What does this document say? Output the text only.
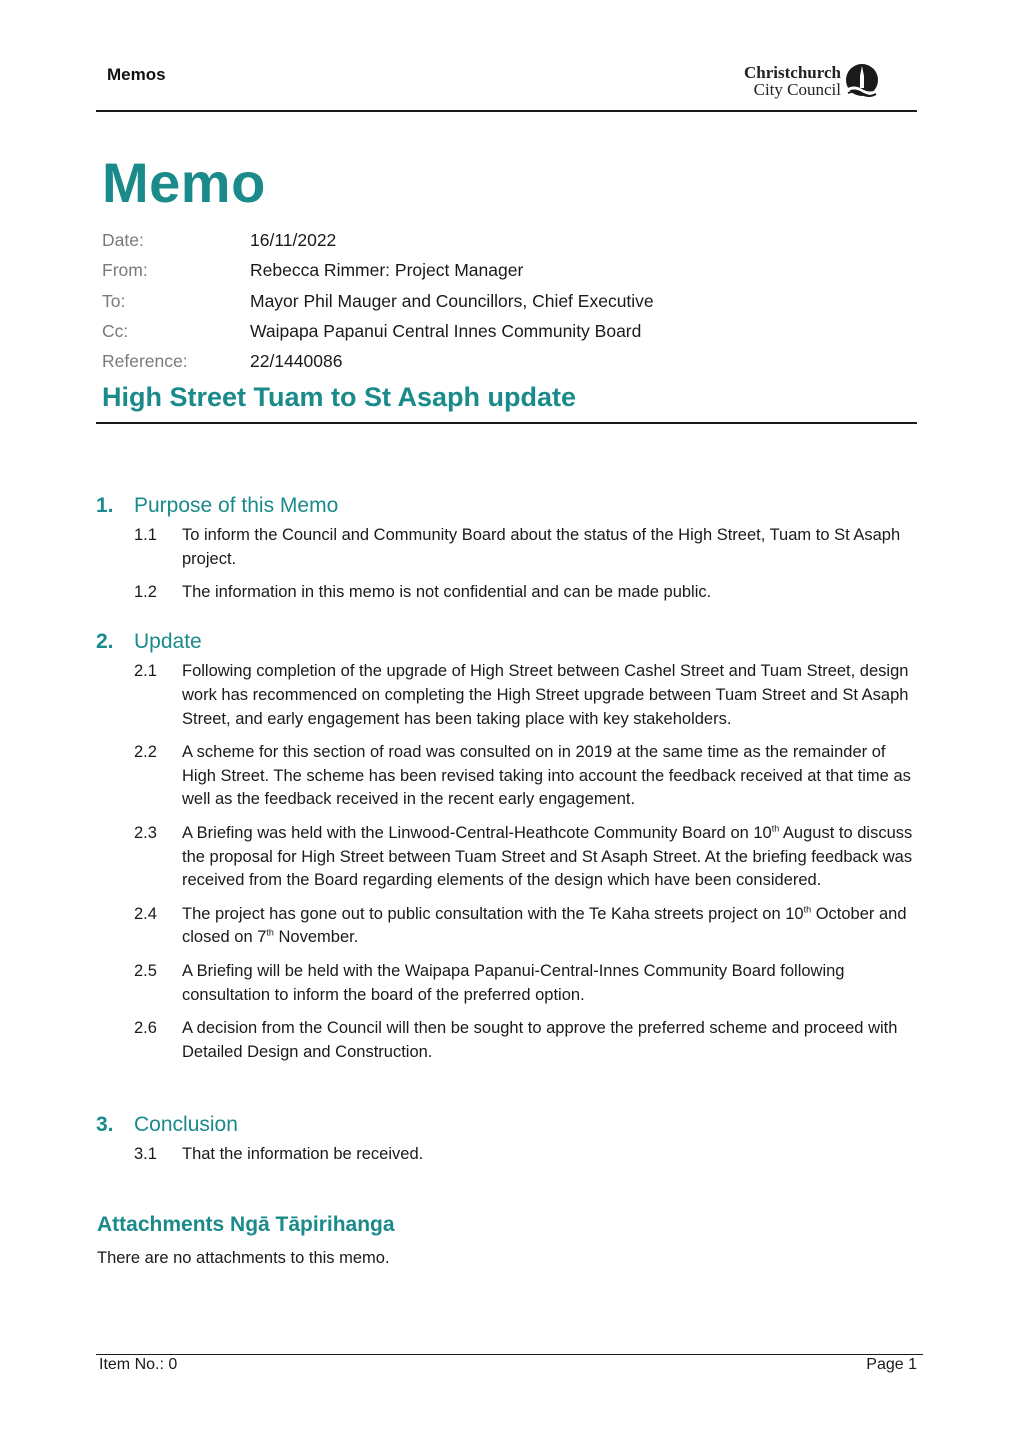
Memos	Christchurch
City Council
Memo
Date:	16/11/2022
From:	Rebecca Rimmer: Project Manager
To:	Mayor Phil Mauger and Councillors, Chief Executive
Cc:	Waipapa Papanui Central Innes Community Board
Reference:	22/1440086
High Street Tuam to St Asaph update
1. Purpose of this Memo
1.1 To inform the Council and Community Board about the status of the High Street, Tuam to St Asaph project.
1.2 The information in this memo is not confidential and can be made public.
2. Update
2.1 Following completion of the upgrade of High Street between Cashel Street and Tuam Street, design work has recommenced on completing the High Street upgrade between Tuam Street and St Asaph Street, and early engagement has been taking place with key stakeholders.
2.2 A scheme for this section of road was consulted on in 2019 at the same time as the remainder of High Street. The scheme has been revised taking into account the feedback received at that time as well as the feedback received in the recent early engagement.
2.3 A Briefing was held with the Linwood-Central-Heathcote Community Board on 10th August to discuss the proposal for High Street between Tuam Street and St Asaph Street. At the briefing feedback was received from the Board regarding elements of the design which have been considered.
2.4 The project has gone out to public consultation with the Te Kaha streets project on 10th October and closed on 7th November.
2.5 A Briefing will be held with the Waipapa Papanui-Central-Innes Community Board following consultation to inform the board of the preferred option.
2.6 A decision from the Council will then be sought to approve the preferred scheme and proceed with Detailed Design and Construction.
3. Conclusion
3.1 That the information be received.
Attachments Ngā Tāpirihanga
There are no attachments to this memo.
Item No.: 0	Page 1
